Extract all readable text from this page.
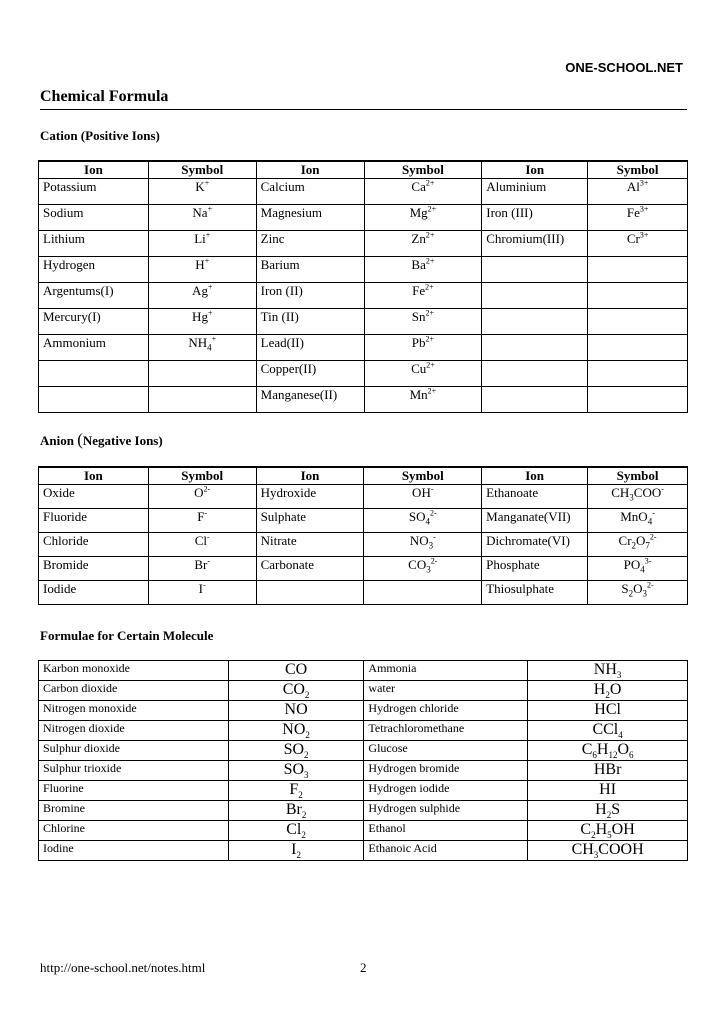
ONE-SCHOOL.NET
Chemical Formula
Cation (Positive Ions)
Ion	Symbol	Ion	Symbol	Ion	Symbol
Potassium	K+	Calcium	$Ca^{2+}$	Aluminium	$Al^{3+}$
Sodium	Na+	Magnesium	$Mg^{2+}$	Iron (III)	$Fe^{3+}$
Lithium	Li+	Zinc	$Zn^{2+}$	Chromium(III)	$Cr^{3+}$
Hydrogen	H+	Barium	$Ba^{2+}$		
Argentums(I)	Ag+	Iron (II)	$Fe^{2+}$		
Mercury(I)	Hg+	Tin (II)	$Sn^{2+}$		
Ammonium	$NH_4^+$	Lead(II)	$Pb^{2+}$		
		Copper(II)	$Cu^{2+}$		
		Manganese(II)	$Mn^{2+}$		
Anion (Negative Ions)
Ion	Symbol	Ion	Symbol	Ion	Symbol
Oxide	$O^{2-}$	Hydroxide	OH-	Ethanoate	$CH_3COO^-$
Fluoride	F-	Sulphate	$SO_4^{2-}$	Manganate(VII)	MnO$_4$-
Chloride	Cl-	Nitrate	$NO_3^-$	Dichromate(VI)	$Cr_2O_7^{2-}$
Bromide	Br-	Carbonate	$CO_3^{2-}$	Phosphate	$PO_4^{3-}$
Iodide	I-			Thiosulphate	$S_2O_3^{2-}$
Formulae for Certain Molecule
Karbon monoxide	CO	Ammonia	$NH_3$
Carbon dioxide	$CO_2$	water	$H_2O$
Nitrogen monoxide	NO	Hydrogen chloride	HCl
Nitrogen dioxide	$NO_2$	Tetrachloromethane	CCl$_4$
Sulphur dioxide	$SO_2$	Glucose	$C_6H_{12}O_6$
Sulphur trioxide	$SO_3$	Hydrogen bromide	HBr
Fluorine	$F_2$	Hydrogen iodide	HI
Bromine	$Br_2$	Hydrogen sulphide	$H_2S$
Chlorine	$Cl_2$	Ethanol	$C_2H_5OH$
Iodine	$I_2$	Ethanoic Acid	$CH_3COOH$
http://one-school.net/notes.html	2
